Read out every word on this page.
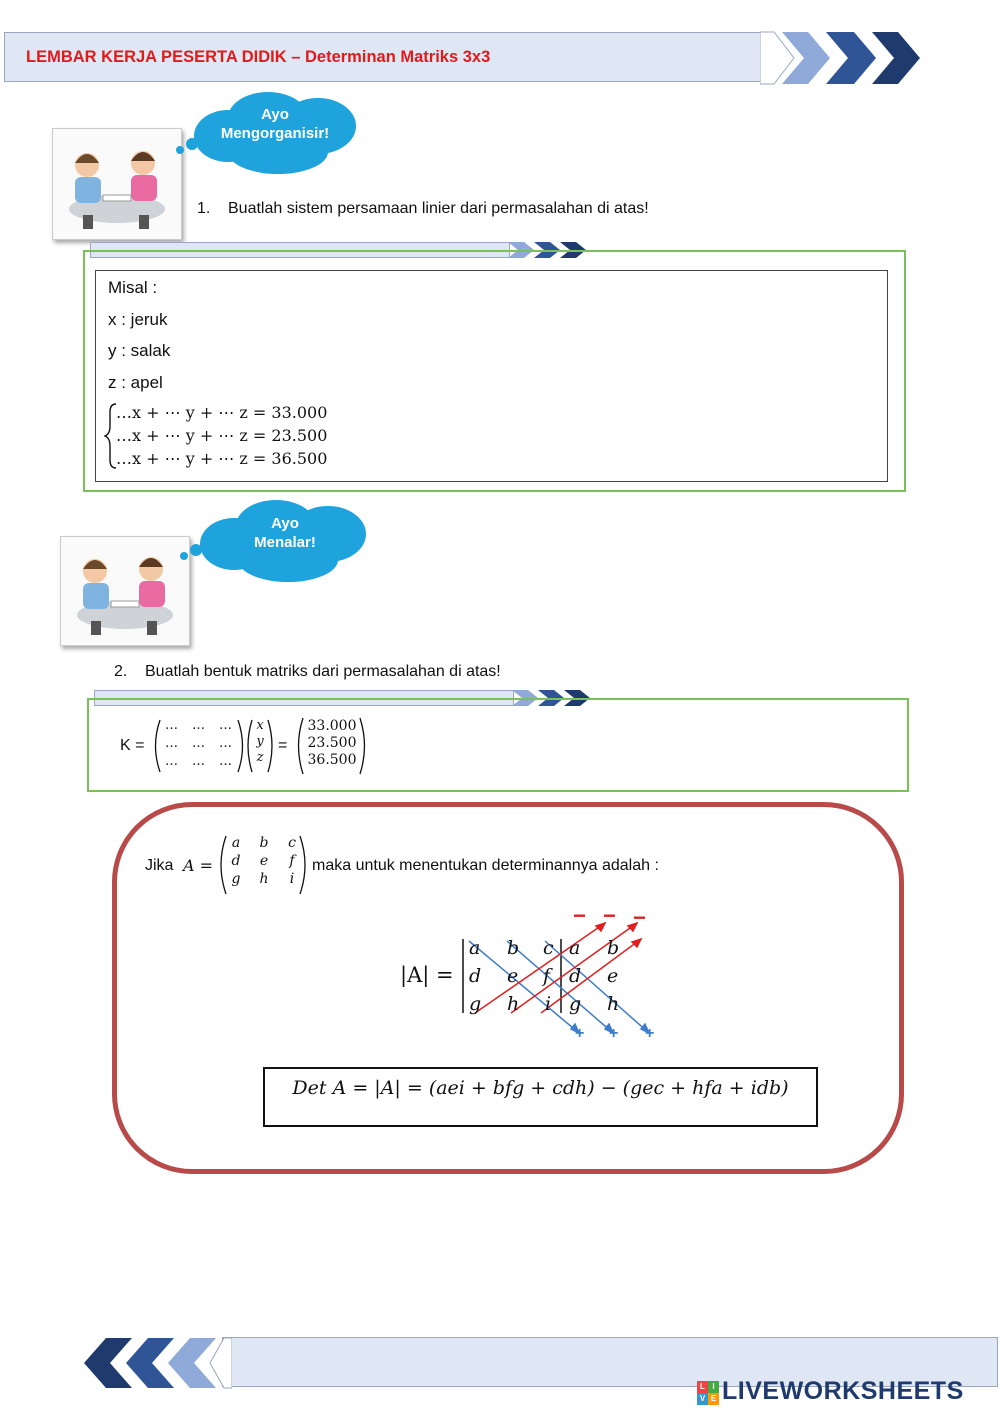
LEMBAR KERJA PESERTA DIDIK – Determinan Matriks 3x3
Ayo
Mengorganisir!
1. Buatlah sistem persamaan linier dari permasalahan di atas!
Misal :
x : jeruk
y : salak
z : apel
…x + ⋯ y + ⋯ z = 33.000
…x + ⋯ y + ⋯ z = 23.500
…x + ⋯ y + ⋯ z = 36.500
Ayo
Menalar!
2. Buatlah bentuk matriks dari permasalahan di atas!
K =
…	…	…
…	…	…
…	…	…
x
y
z
=
33.000
23.500
36.500
Jika A =
a	b	c
d	e	f
g	h	i
maka untuk menentukan determinannya adalah :
|A| =
a b c a b
d e f d e
g h i g h
− − −
+ + +
Det A = |A| = (aei + bfg + cdh) − (gec + hfa + idb)
L I
V E LIVEWORKSHEETS
